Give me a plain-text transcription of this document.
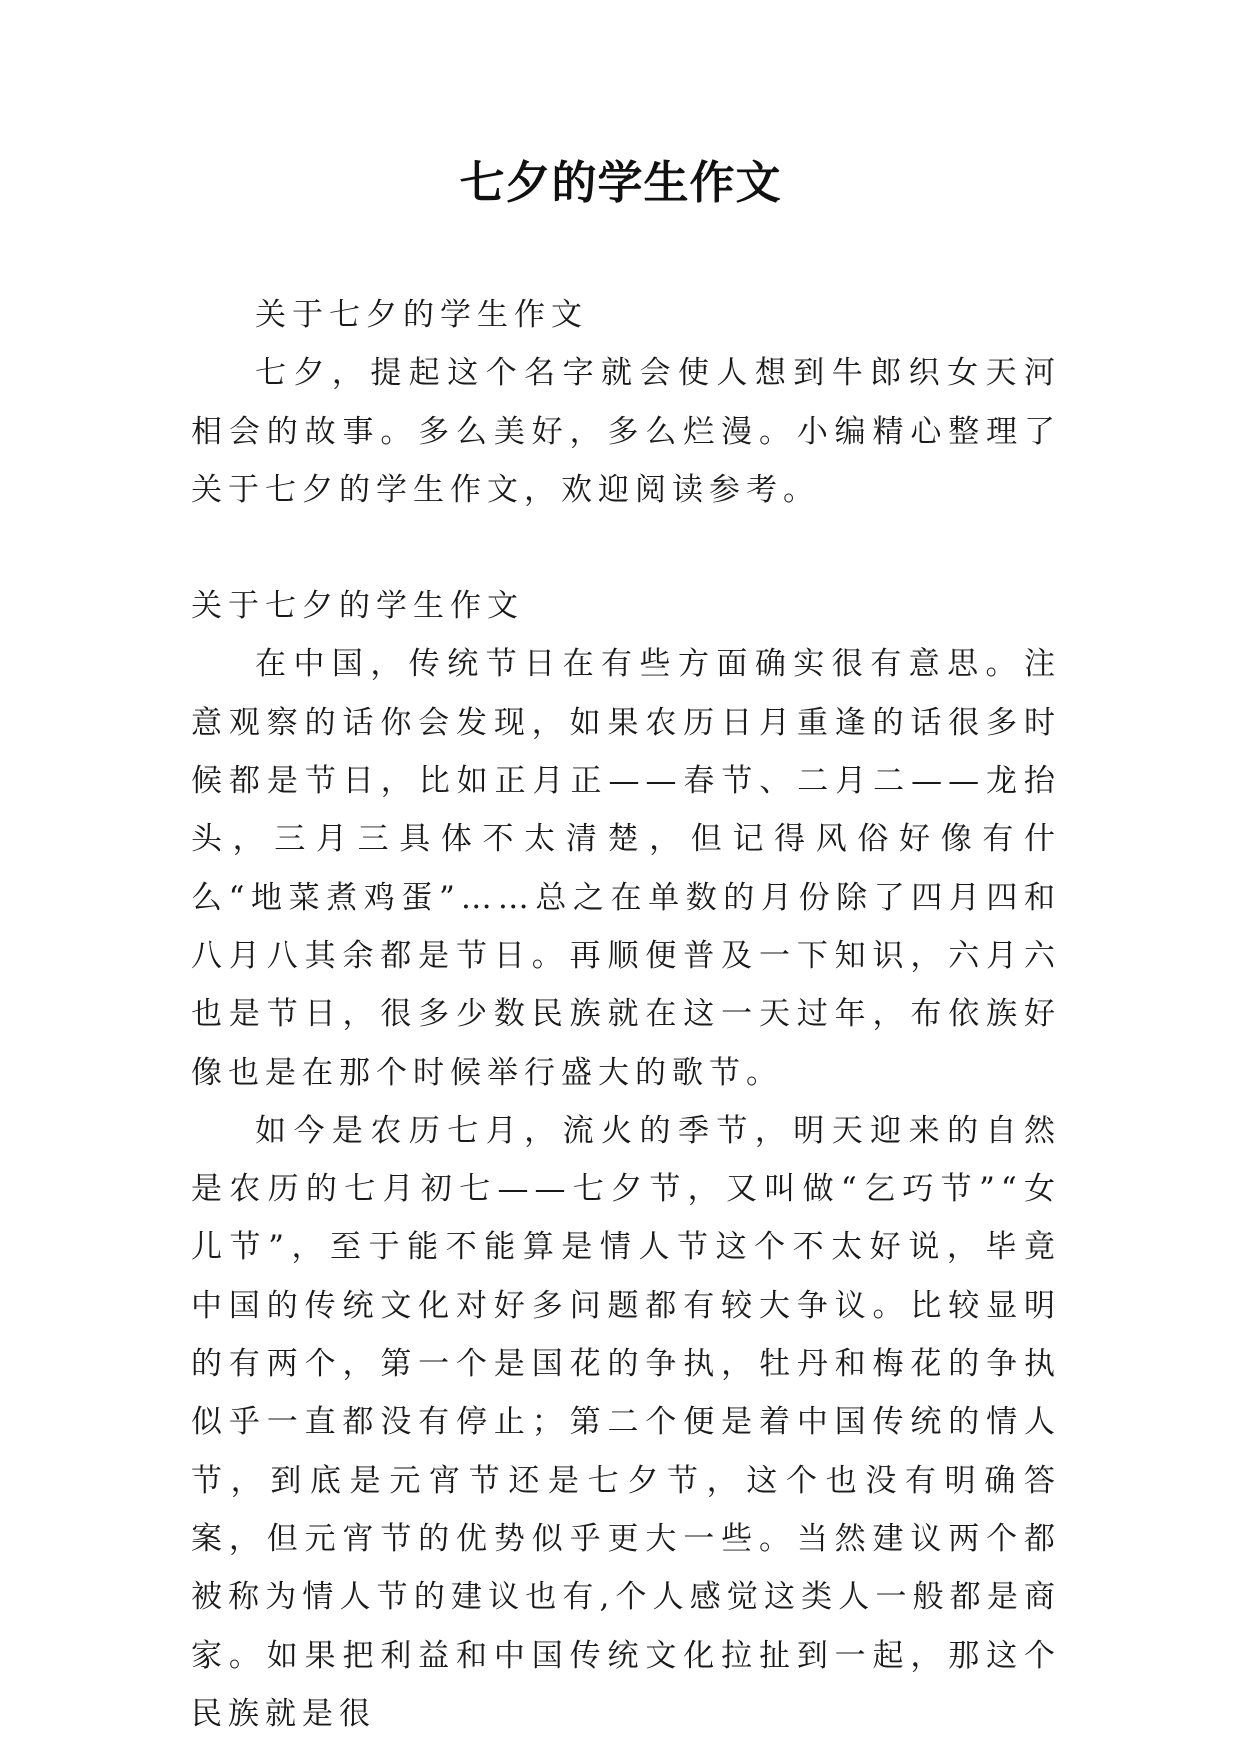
七夕的学生作文

关于七夕的学生作文

七夕，提起这个名字就会使人想到牛郎织女天河相会的故事。多么美好，多么烂漫。小编精心整理了关于七夕的学生作文，欢迎阅读参考。

关于七夕的学生作文

在中国，传统节日在有些方面确实很有意思。注意观察的话你会发现，如果农历日月重逢的话很多时候都是节日，比如正月正——春节、二月二——龙抬头，三月三具体不太清楚，但记得风俗好像有什么“地菜煮鸡蛋”……总之在单数的月份除了四月四和八月八其余都是节日。再顺便普及一下知识，六月六也是节日，很多少数民族就在这一天过年，布依族好像也是在那个时候举行盛大的歌节。

如今是农历七月，流火的季节，明天迎来的自然是农历的七月初七——七夕节，又叫做“乞巧节”“女儿节”，至于能不能算是情人节这个不太好说，毕竟中国的传统文化对好多问题都有较大争议。比较显明的有两个，第一个是国花的争执，牡丹和梅花的争执似乎一直都没有停止；第二个便是着中国传统的情人节，到底是元宵节还是七夕节，这个也没有明确答案，但元宵节的优势似乎更大一些。当然建议两个都被称为情人节的建议也有,个人感觉这类人一般都是商家。如果把利益和中国传统文化拉扯到一起，那这个民族就是很
